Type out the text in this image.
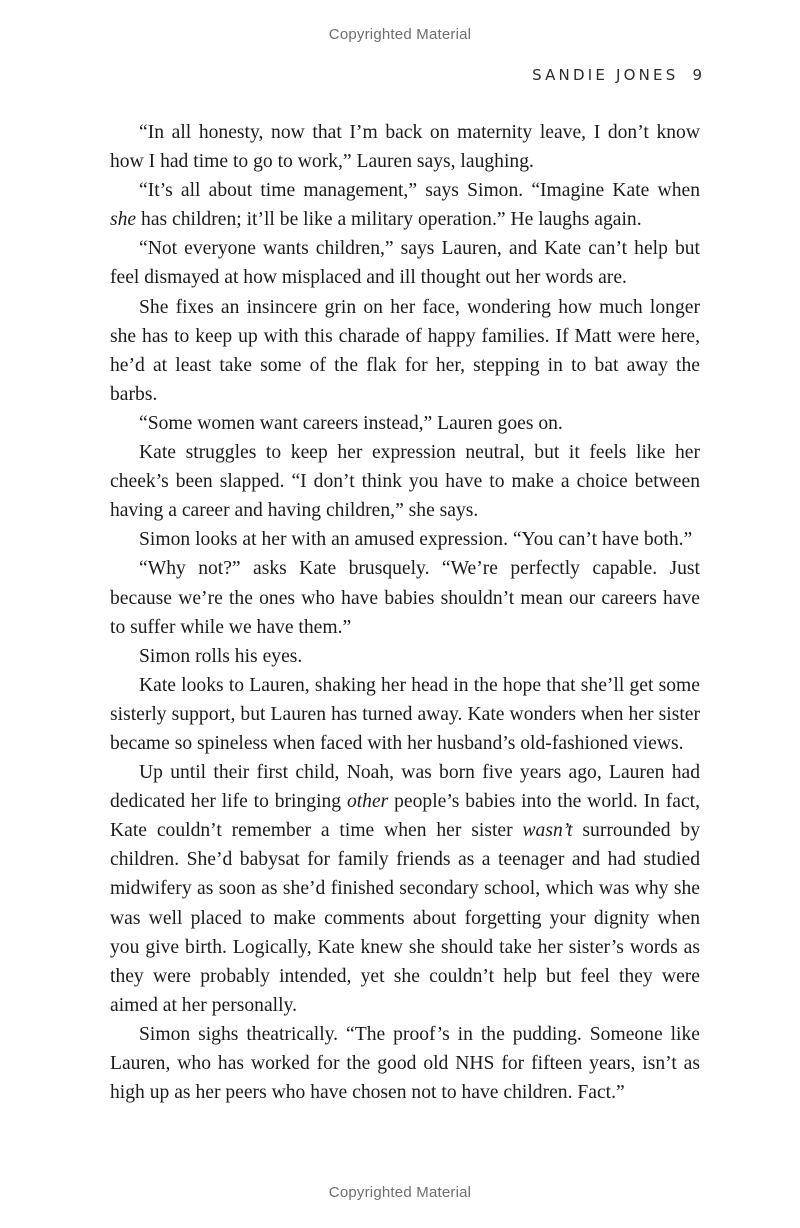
Copyrighted Material
SANDIE JONES 9

“In all honesty, now that I’m back on maternity leave, I don’t know how I had time to go to work,” Lauren says, laughing.

“It’s all about time management,” says Simon. “Imagine Kate when she has children; it’ll be like a military operation.” He laughs again.

“Not everyone wants children,” says Lauren, and Kate can’t help but feel dismayed at how misplaced and ill thought out her words are.

She fixes an insincere grin on her face, wondering how much longer she has to keep up with this charade of happy families. If Matt were here, he’d at least take some of the flak for her, stepping in to bat away the barbs.

“Some women want careers instead,” Lauren goes on.

Kate struggles to keep her expression neutral, but it feels like her cheek’s been slapped. “I don’t think you have to make a choice between having a career and having children,” she says.

Simon looks at her with an amused expression. “You can’t have both.”

“Why not?” asks Kate brusquely. “We’re perfectly capable. Just because we’re the ones who have babies shouldn’t mean our careers have to suffer while we have them.”

Simon rolls his eyes.

Kate looks to Lauren, shaking her head in the hope that she’ll get some sisterly support, but Lauren has turned away. Kate wonders when her sister became so spineless when faced with her husband’s old-fashioned views.

Up until their first child, Noah, was born five years ago, Lauren had dedicated her life to bringing other people’s babies into the world. In fact, Kate couldn’t remember a time when her sister wasn’t surrounded by children. She’d babysat for family friends as a teenager and had studied midwifery as soon as she’d finished secondary school, which was why she was well placed to make comments about forgetting your dignity when you give birth. Logically, Kate knew she should take her sister’s words as they were probably intended, yet she couldn’t help but feel they were aimed at her personally.

Simon sighs theatrically. “The proof’s in the pudding. Someone like Lauren, who has worked for the good old NHS for fifteen years, isn’t as high up as her peers who have chosen not to have children. Fact.”

Copyrighted Material
